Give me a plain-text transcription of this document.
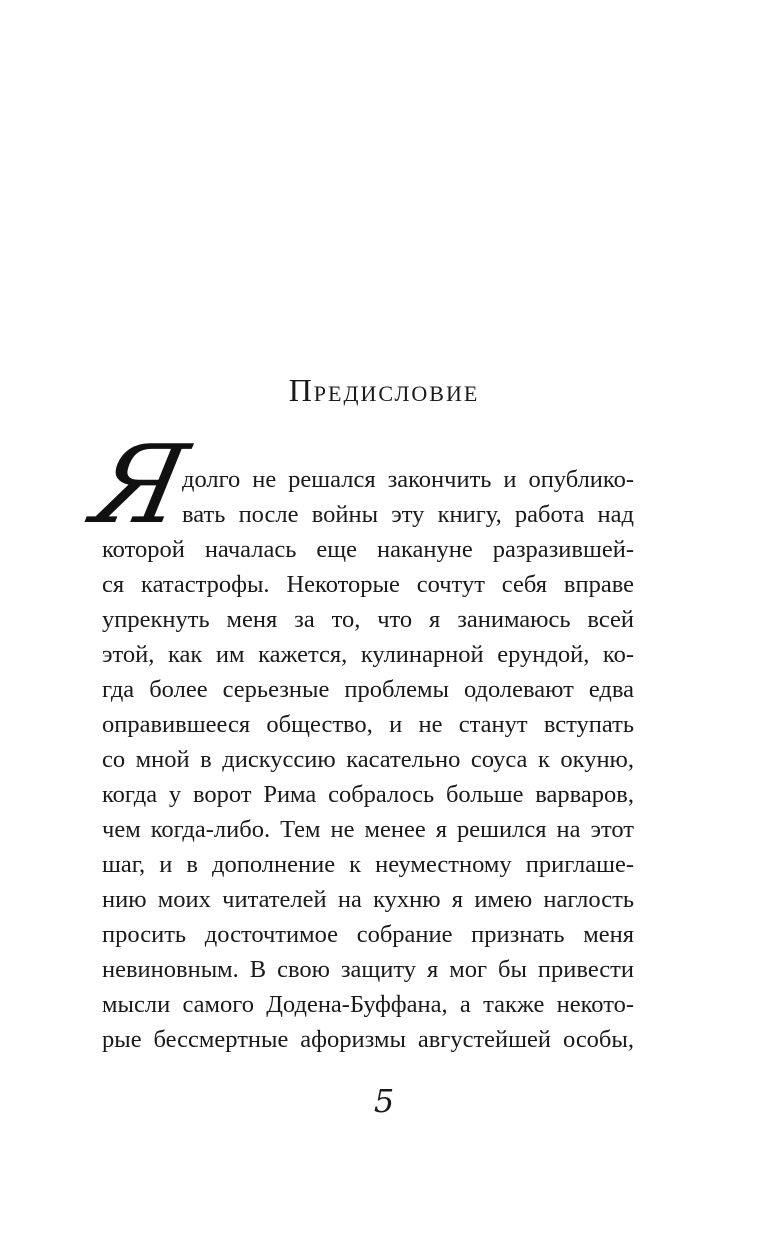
Предисловие
Я
долго не решался закончить и опублико-
вать после войны эту книгу, работа над
которой началась еще накануне разразившей-
ся катастрофы. Некоторые сочтут себя вправе
упрекнуть меня за то, что я занимаюсь всей
этой, как им кажется, кулинарной ерундой, ко-
гда более серьезные проблемы одолевают едва
оправившееся общество, и не станут вступать
со мной в дискуссию касательно соуса к окуню,
когда у ворот Рима собралось больше варваров,
чем когда-либо. Тем не менее я решился на этот
шаг, и в дополнение к неуместному приглаше-
нию моих читателей на кухню я имею наглость
просить досточтимое собрание признать меня
невиновным. В свою защиту я мог бы привести
мысли самого Додена-Буффана, а также некото-
рые бессмертные афоризмы августейшей особы,
5
